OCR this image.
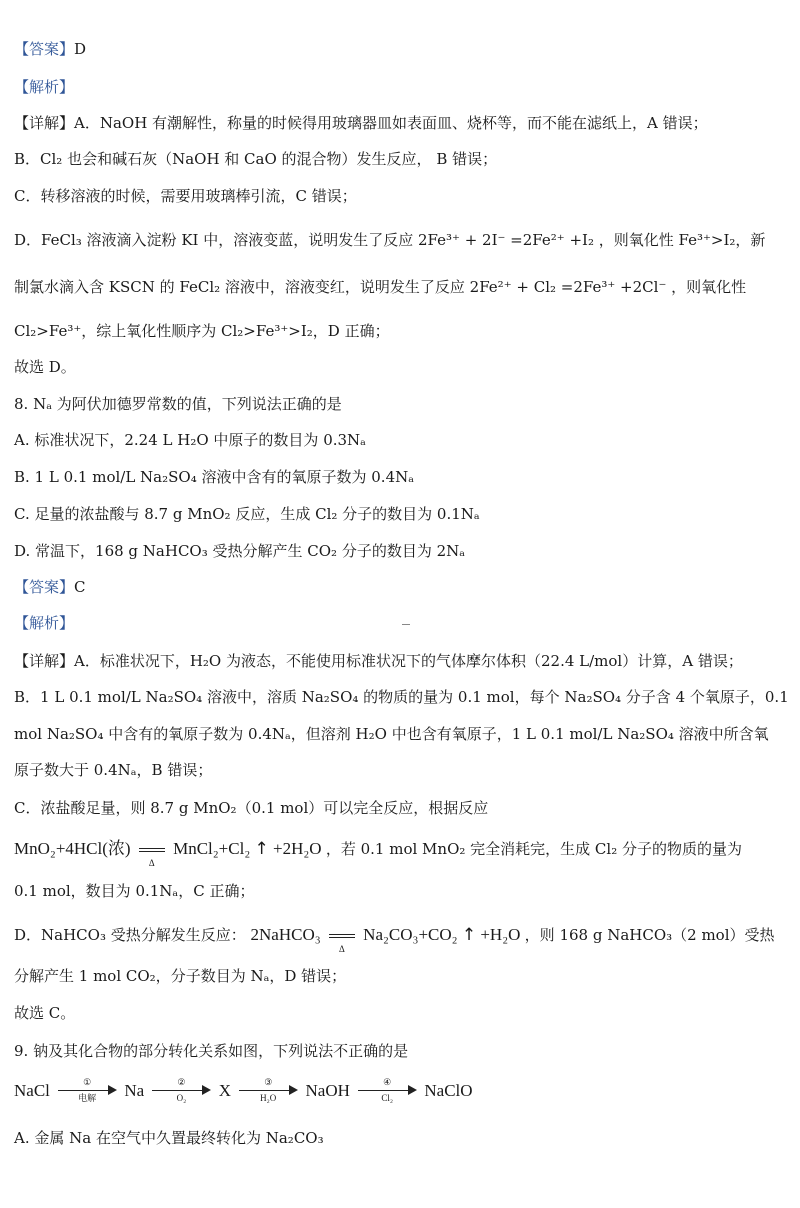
【答案】D
【解析】
【详解】A．NaOH 有潮解性，称量的时候得用玻璃器皿如表面皿、烧杯等，而不能在滤纸上，A 错误；
B．Cl₂ 也会和碱石灰（NaOH 和 CaO 的混合物）发生反应， B 错误；
C．转移溶液的时候，需要用玻璃棒引流，C 错误；
D．FeCl₃ 溶液滴入淀粉 KI 中，溶液变蓝，说明发生了反应 2Fe³⁺ + 2I⁻ =2Fe²⁺ +I₂ ，则氧化性 Fe³⁺>I₂，新
制氯水滴入含 KSCN 的 FeCl₂ 溶液中，溶液变红，说明发生了反应 2Fe²⁺ + Cl₂ =2Fe³⁺ +2Cl⁻ ，则氧化性
Cl₂>Fe³⁺，综上氧化性顺序为 Cl₂>Fe³⁺>I₂，D 正确；
故选 D。
8. Nₐ 为阿伏加德罗常数的值，下列说法正确的是
A. 标准状况下，2.24 L H₂O 中原子的数目为 0.3Nₐ
B. 1 L 0.1 mol/L Na₂SO₄ 溶液中含有的氧原子数为 0.4Nₐ
C. 足量的浓盐酸与 8.7 g MnO₂ 反应，生成 Cl₂ 分子的数目为 0.1Nₐ
D. 常温下，168 g NaHCO₃ 受热分解产生 CO₂ 分子的数目为 2Nₐ
【答案】C
【解析】
【详解】A．标准状况下，H₂O 为液态，不能使用标准状况下的气体摩尔体积（22.4 L/mol）计算，A 错误；
B．1 L 0.1 mol/L Na₂SO₄ 溶液中，溶质 Na₂SO₄ 的物质的量为 0.1 mol，每个 Na₂SO₄ 分子含 4 个氧原子，0.1
mol Na₂SO₄ 中含有的氧原子数为 0.4Nₐ，但溶剂 H₂O 中也含有氧原子，1 L 0.1 mol/L Na₂SO₄ 溶液中所含氧
原子数大于 0.4Nₐ，B 错误；
C．浓盐酸足量，则 8.7 g MnO₂（0.1 mol）可以完全反应，根据反应
0.1 mol，数目为 0.1Nₐ，C 正确；
分解产生 1 mol CO₂，分子数目为 Nₐ，D 错误；
故选 C。
9. 钠及其化合物的部分转化关系如图，下列说法不正确的是
A. 金属 Na 在空气中久置最终转化为 Na₂CO₃
MnO₂+4HCl(浓)
Δ
MnCl₂+Cl₂ ↑ +2H₂O ，若 0.1 mol MnO₂ 完全消耗完，生成 Cl₂ 分子的物质的量为
D．NaHCO₃ 受热分解发生反应： 2NaHCO₃
Δ
Na₂CO₃+CO₂ ↑ +H₂O ，则 168 g NaHCO₃（2 mol）受热
NaCl	①
电解	Na	②
O₂	X	③
H₂O	NaOH	④
Cl₂	NaClO
